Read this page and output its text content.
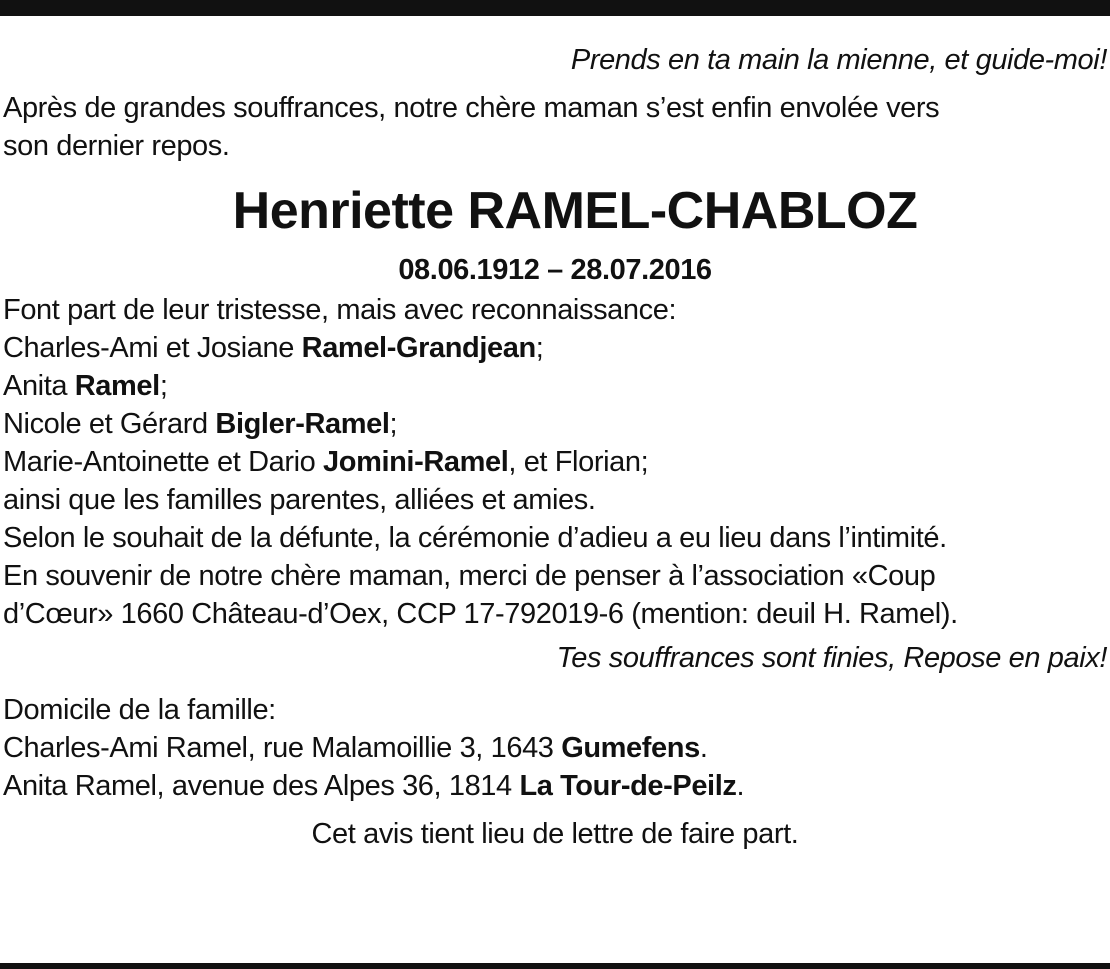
Prends en ta main la mienne, et guide-moi!
Après de grandes souffrances, notre chère maman s’est enfin envolée vers
son dernier repos.
Henriette RAMEL-CHABLOZ
08.06.1912 – 28.07.2016
Font part de leur tristesse, mais avec reconnaissance:
Charles-Ami et Josiane Ramel-Grandjean;
Anita Ramel;
Nicole et Gérard Bigler-Ramel;
Marie-Antoinette et Dario Jomini-Ramel, et Florian;
ainsi que les familles parentes, alliées et amies.
Selon le souhait de la défunte, la cérémonie d’adieu a eu lieu dans l’intimité.
En souvenir de notre chère maman, merci de penser à l’association «Coup
d’Cœur» 1660 Château-d’Oex, CCP 17-792019-6 (mention: deuil H. Ramel).
Tes souffrances sont finies, Repose en paix!
Domicile de la famille:
Charles-Ami Ramel, rue Malamoillie 3, 1643 Gumefens.
Anita Ramel, avenue des Alpes 36, 1814 La Tour-de-Peilz.
Cet avis tient lieu de lettre de faire part.
